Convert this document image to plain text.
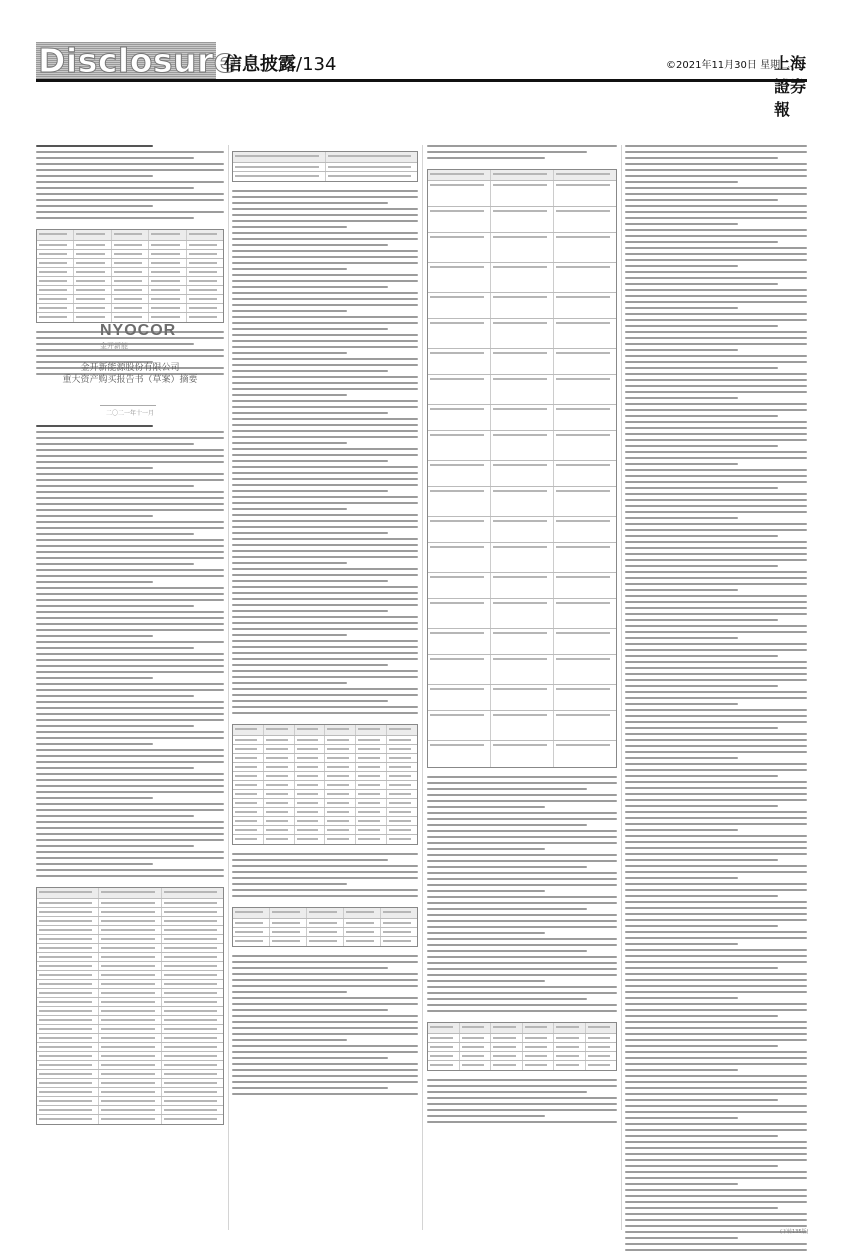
Disclosure
信息披露/134	©2021年11月30日 星期二
上海證券報
NYOCOR
金开新能
金开新能源股份有限公司
重大资产购买报告书（草案）摘要
二〇二一年十一月
(下转135版)
